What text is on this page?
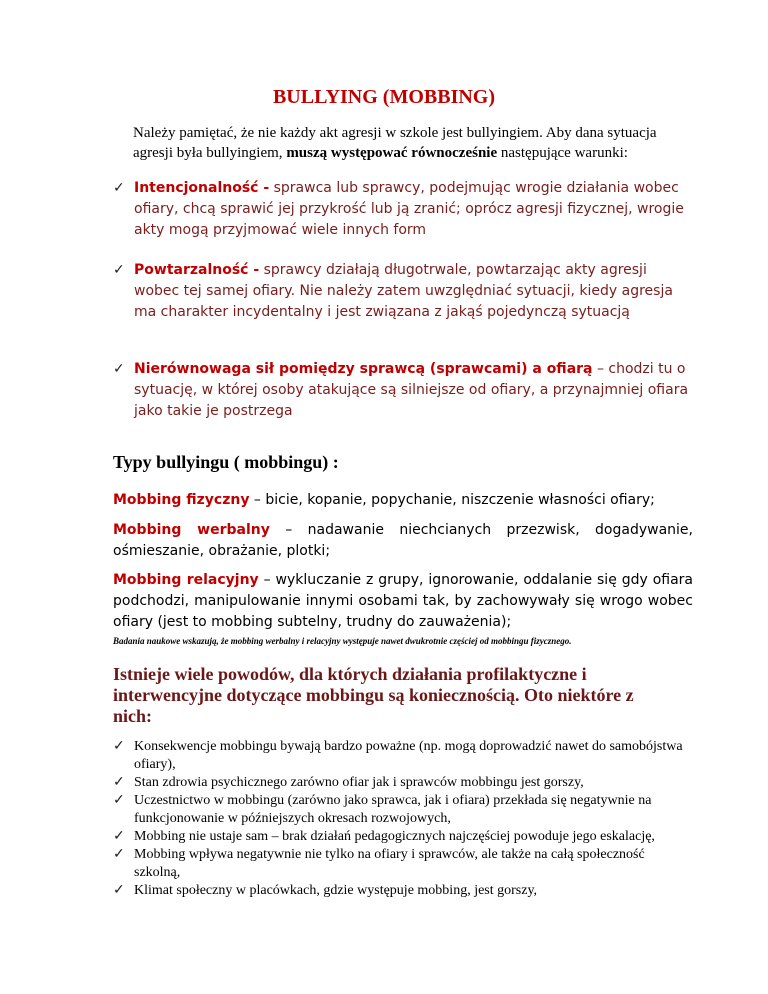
BULLYING (MOBBING)
Należy pamiętać, że nie każdy akt agresji w szkole jest bullyingiem. Aby dana sytuacja agresji była bullyingiem, muszą występować równocześnie następujące warunki:
✓ Intencjonalność - sprawca lub sprawcy, podejmując wrogie działania wobec ofiary, chcą sprawić jej przykrość lub ją zranić; oprócz agresji fizycznej, wrogie akty mogą przyjmować wiele innych form
✓ Powtarzalność - sprawcy działają długotrwale, powtarzając akty agresji wobec tej samej ofiary. Nie należy zatem uwzględniać sytuacji, kiedy agresja ma charakter incydentalny i jest związana z jakąś pojedynczą sytuacją
✓ Nierównowaga sił pomiędzy sprawcą (sprawcami) a ofiarą – chodzi tu o sytuację, w której osoby atakujące są silniejsze od ofiary, a przynajmniej ofiara jako takie je postrzega
Typy bullyingu ( mobbingu) :
Mobbing fizyczny – bicie, kopanie, popychanie, niszczenie własności ofiary;
Mobbing werbalny – nadawanie niechcianych przezwisk, dogadywanie, ośmieszanie, obrażanie, plotki;
Mobbing relacyjny – wykluczanie z grupy, ignorowanie, oddalanie się gdy ofiara podchodzi, manipulowanie innymi osobami tak, by zachowywały się wrogo wobec ofiary (jest to mobbing subtelny, trudny do zauważenia);
Badania naukowe wskazują, że mobbing werbalny i relacyjny występuje nawet dwukrotnie częściej od mobbingu fizycznego.
Istnieje wiele powodów, dla których działania profilaktyczne i interwencyjne dotyczące mobbingu są koniecznością. Oto niektóre z nich:
✓ Konsekwencje mobbingu bywają bardzo poważne (np. mogą doprowadzić nawet do samobójstwa ofiary),
✓ Stan zdrowia psychicznego zarówno ofiar jak i sprawców mobbingu jest gorszy,
✓ Uczestnictwo w mobbingu (zarówno jako sprawca, jak i ofiara) przekłada się negatywnie na funkcjonowanie w późniejszych okresach rozwojowych,
✓ Mobbing nie ustaje sam – brak działań pedagogicznych najczęściej powoduje jego eskalację,
✓ Mobbing wpływa negatywnie nie tylko na ofiary i sprawców, ale także na całą społeczność szkolną,
✓ Klimat społeczny w placówkach, gdzie występuje mobbing, jest gorszy,
